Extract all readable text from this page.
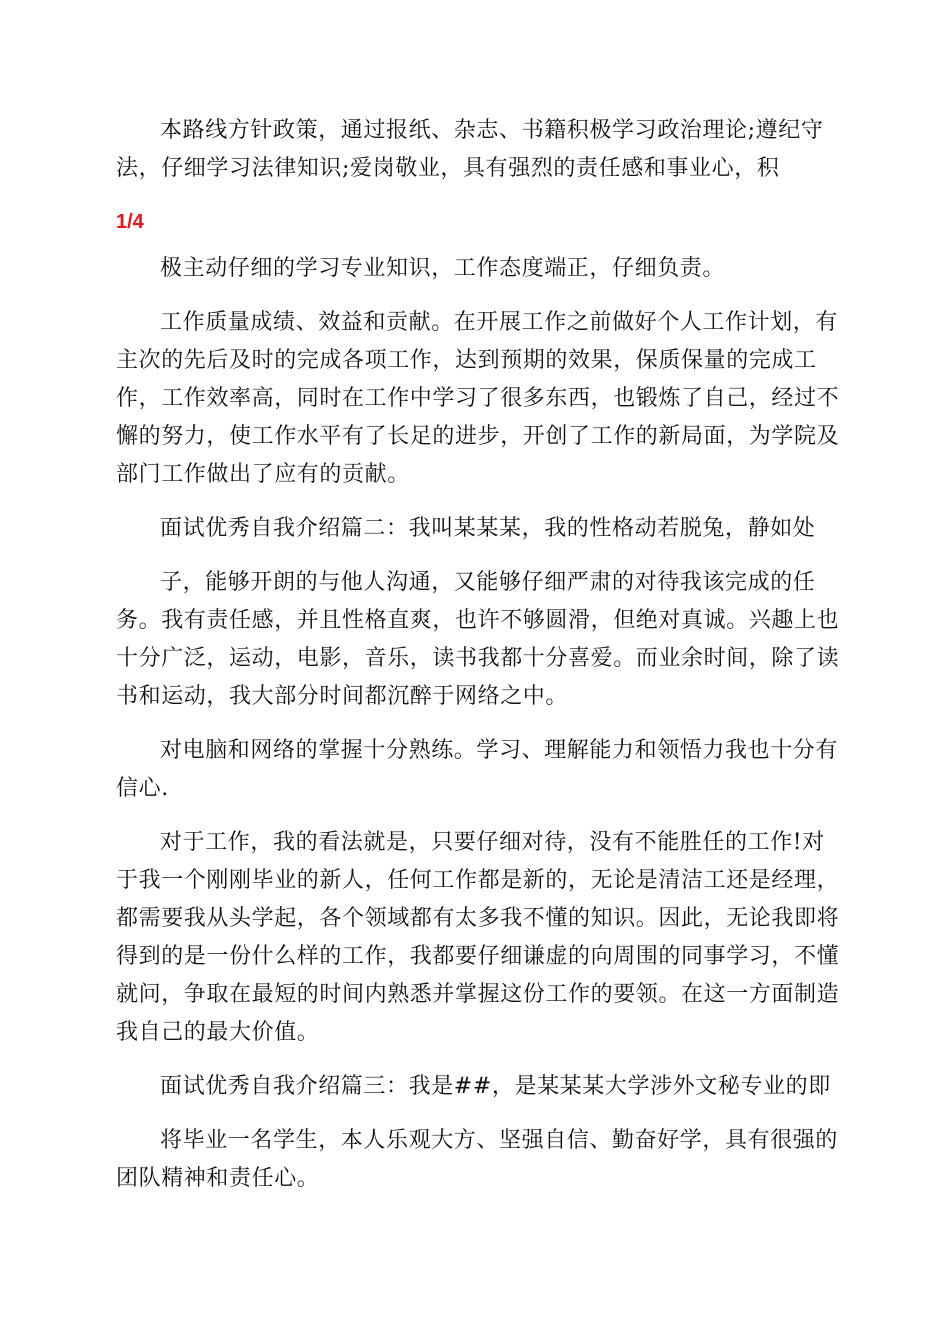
本路线方针政策，通过报纸、杂志、书籍积极学习政治理论;遵纪守
法，仔细学习法律知识;爱岗敬业，具有强烈的责任感和事业心，积
1/4
极主动仔细的学习专业知识，工作态度端正，仔细负责。
工作质量成绩、效益和贡献。在开展工作之前做好个人工作计划，有
主次的先后及时的完成各项工作，达到预期的效果，保质保量的完成工
作，工作效率高，同时在工作中学习了很多东西，也锻炼了自己，经过不
懈的努力，使工作水平有了长足的进步，开创了工作的新局面，为学院及
部门工作做出了应有的贡献。
面试优秀自我介绍篇二：我叫某某某，我的性格动若脱兔，静如处
子，能够开朗的与他人沟通，又能够仔细严肃的对待我该完成的任
务。我有责任感，并且性格直爽，也许不够圆滑，但绝对真诚。兴趣上也
十分广泛，运动，电影，音乐，读书我都十分喜爱。而业余时间，除了读
书和运动，我大部分时间都沉醉于网络之中。
对电脑和网络的掌握十分熟练。学习、理解能力和领悟力我也十分有
信心.
对于工作，我的看法就是，只要仔细对待，没有不能胜任的工作!对
于我一个刚刚毕业的新人，任何工作都是新的，无论是清洁工还是经理，
都需要我从头学起，各个领域都有太多我不懂的知识。因此，无论我即将
得到的是一份什么样的工作，我都要仔细谦虚的向周围的同事学习，不懂
就问，争取在最短的时间内熟悉并掌握这份工作的要领。在这一方面制造
我自己的最大价值。
面试优秀自我介绍篇三：我是##，是某某某大学涉外文秘专业的即
将毕业一名学生，本人乐观大方、坚强自信、勤奋好学，具有很强的
团队精神和责任心。
